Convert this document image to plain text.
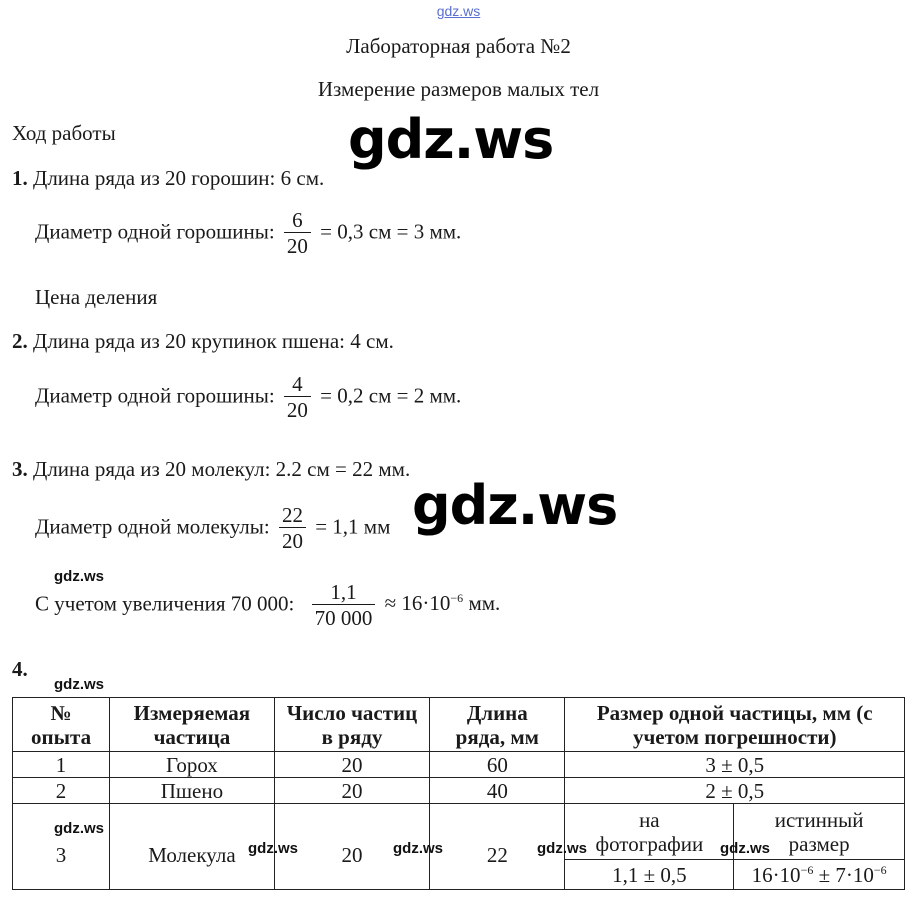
gdz.ws
Лабораторная работа №2
Измерение размеров малых тел
Ход работы
1. Длина ряда из 20 горошин: 6 см.
Диаметр одной горошины: $\frac{6}{20} = 0,3$ см = 3 мм.
Цена деления
2. Длина ряда из 20 крупинок пшена: 4 см.
Диаметр одной горошины: $\frac{4}{20} = 0,2$ см = 2 мм.
3. Длина ряда из 20 молекул: 2.2 см = 22 мм.
Диаметр одной молекулы: $\frac{22}{20} = 1,1$ мм
С учетом увеличения 70 000: $\frac{1,1}{70 000} \approx 16\cdot 10^{-6}$ мм.
4.
№ опыта	Измеряемая частица	Число частиц в ряду	Длина ряда, мм	Размер одной частицы, мм (с учетом погрешности)	
1	Горох	20	60	3 ± 0,5	
2	Пшено	20	40	2 ± 0,5	
3	Молекула	20	22	на фотографии	истинный размер
				1,1 ± 0,5	$16\cdot 10^{-6} \pm 7\cdot 10^{-6}$
gdz.ws
gdz.ws
gdz.ws
gdz.ws
gdz.ws
gdz.ws	gdz.ws	gdz.ws	gdz.ws
